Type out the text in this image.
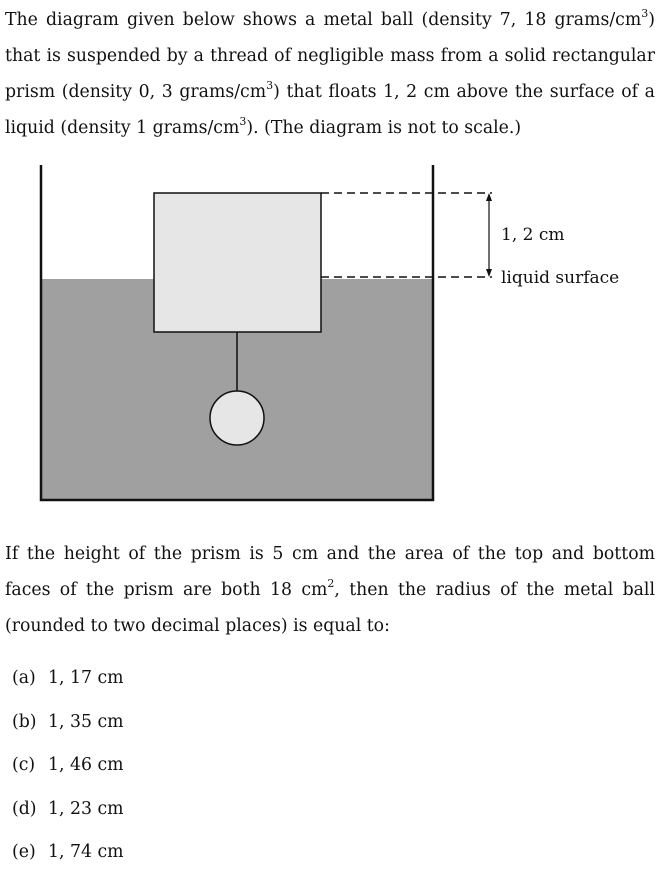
The diagram given below shows a metal ball (density 7, 18 grams/$cm^3$) that is suspended by a thread of negligible mass from a solid rectangular prism (density 0, 3 grams/$cm^3$) that floats 1, 2 cm above the surface of a liquid (density 1 grams/$cm^3$). (The diagram is not to scale.)

1, 2 cm
liquid surface

If the height of the prism is 5 cm and the area of the top and bottom faces of the prism are both 18 $cm^2$, then the radius of the metal ball (rounded to two decimal places) is equal to:

(a) 1, 17 cm
(b) 1, 35 cm
(c) 1, 46 cm
(d) 1, 23 cm
(e) 1, 74 cm
